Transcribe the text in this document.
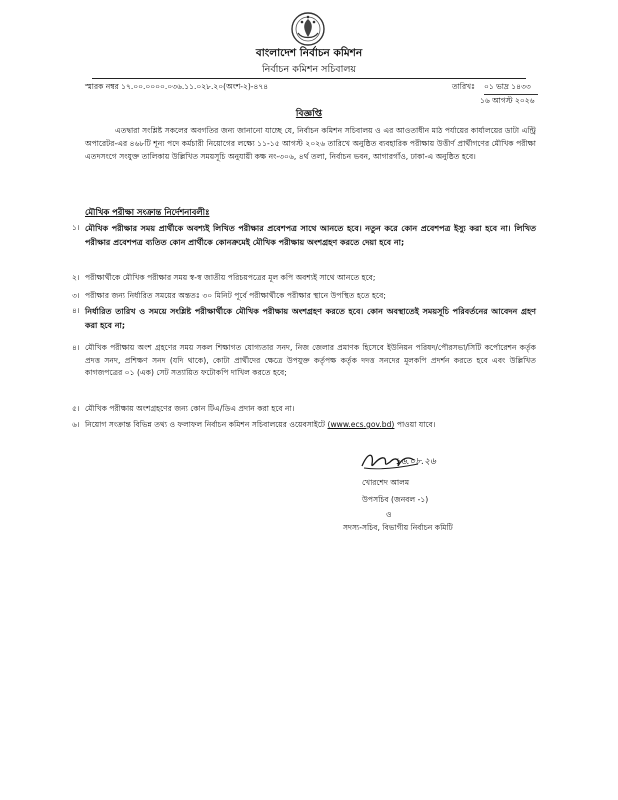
বাংলাদেশ নির্বাচন কমিশন
নির্বাচন কমিশন সচিবালয়
স্মারক নম্বর ১৭.০০.০০০০.০৩৬.১১.০২৮.২০(অংশ-২)-৪৭৪	তারিখঃ ০১ ভাদ্র ১৪৩৩
১৬ আগস্ট ২০২৬
বিজ্ঞপ্তি

এতদ্বারা সংশ্লিষ্ট সকলের অবগতির জন্য জানানো যাচ্ছে যে, নির্বাচন কমিশন সচিবালয় ও এর আওতাধীন মাঠ পর্যায়ের কার্যালয়ের ডাটা এন্ট্রি অপারেটর-এর ৪৬৮টি শূন্য পদে কর্মচারী নিয়োগের লক্ষ্যে ১১-১৫ আগস্ট ২০২৬ তারিখে অনুষ্ঠিত ব্যবহারিক পরীক্ষায় উত্তীর্ণ প্রার্থীগণের মৌখিক পরীক্ষা এতদসংগে সংযুক্ত তালিকায় উল্লিখিত সময়সূচি অনুযায়ী কক্ষ নং-৩০৬, ৪র্থ তলা, নির্বাচন ভবন, আগারগাঁও, ঢাকা-এ অনুষ্ঠিত হবে।

মৌখিক পরীক্ষা সংক্রান্ত নির্দেশনাবলীঃ
১। মৌখিক পরীক্ষার সময় প্রার্থীকে অবশ্যই লিখিত পরীক্ষার প্রবেশপত্র সাথে আনতে হবে। নতুন করে কোন প্রবেশপত্র ইস্যু করা হবে না। লিখিত পরীক্ষার প্রবেশপত্র ব্যতিত কোন প্রার্থীকে কোনক্রমেই মৌখিক পরীক্ষায় অংশগ্রহণ করতে দেয়া হবে না;
২। পরীক্ষার্থীকে মৌখিক পরীক্ষার সময় স্ব-স্ব জাতীয় পরিচয়পত্রের মূল কপি অবশ্যই সাথে আনতে হবে;
৩। পরীক্ষার জন্য নির্ধারিত সময়ের অন্ততঃ ৩০ মিনিট পূর্বে পরীক্ষার্থীকে পরীক্ষার স্থানে উপস্থিত হতে হবে;
৪। নির্ধারিত তারিখ ও সময়ে সংশ্লিষ্ট পরীক্ষার্থীকে মৌখিক পরীক্ষায় অংশগ্রহণ করতে হবে। কোন অবস্থাতেই সময়সূচি পরিবর্তনের আবেদন গ্রহণ করা হবে না;
৪। মৌখিক পরীক্ষায় অংশ গ্রহণের সময় সকল শিক্ষাগত যোগ্যতার সনদ, নিজ জেলার প্রমাণক হিসেবে ইউনিয়ন পরিষদ/পৌরসভা/সিটি কর্পোরেশন কর্তৃক প্রদত্ত সনদ, প্রশিক্ষণ সনদ (যদি থাকে), কোটা প্রার্থীদের ক্ষেত্রে উপযুক্ত কর্তৃপক্ষ কর্তৃক দদত্ত সনদের মূলকপি প্রদর্শন করতে হবে এবং উল্লিখিত কাগজপত্রের ০১ (এক) সেট সত্যায়িত ফটোকপি দাখিল করতে হবে;
৫। মৌখিক পরীক্ষায় অংশগ্রহণের জন্য কোন টিএ/ডিএ প্রদান করা হবে না।
৬। নিয়োগ সংক্রান্ত বিভিন্ন তথ্য ও ফলাফল নির্বাচন কমিশন সচিবালয়ের ওয়েবসাইটে (www.ecs.gov.bd) পাওয়া যাবে।
১৬.০৮.২৬
খোরশেদ আলম
উপসচিব (জনবল -১)
ও
সদস্য-সচিব, বিভাগীয় নির্বাচন কমিটি
